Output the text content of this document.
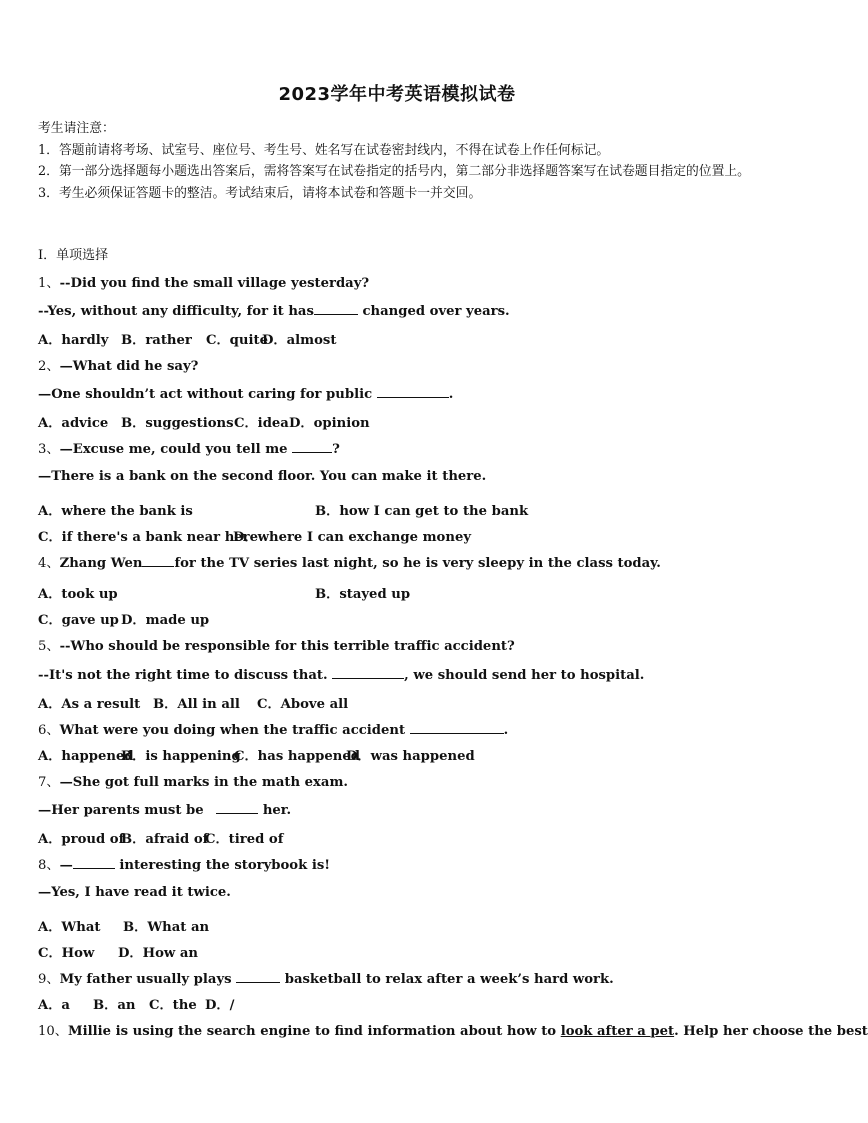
2023学年中考英语模拟试卷
考生请注意：
1．答题前请将考场、试室号、座位号、考生号、姓名写在试卷密封线内，不得在试卷上作任何标记。
2．第一部分选择题每小题选出答案后，需将答案写在试卷指定的括号内，第二部分非选择题答案写在试卷题目指定的位置上。
3．考生必须保证答题卡的整洁。考试结束后，请将本试卷和答题卡一并交回。
Ⅰ．单项选择
1、--Did you find the small village yesterday?
--Yes, without any difficulty, for it has	changed over years.
A．hardly B．rather C．quiteD．almost
2、—What did he say?
—One shouldn’t act without caring for public	.
A．advice B．suggestionsC．ideaD．opinion
3、—Excuse me, could you tell me	?
—There is a bank on the second floor. You can make it there.
A．where the bank is	B．how I can get to the bank
C．if there's a bank near hereD．where I can exchange money
4、Zhang Wen for the TV series last night, so he is very sleepy in the class today.
A．took up	B．stayed up
C．gave up D．made up
5、--Who should be responsible for this terrible traffic accident?
--It's not the right time to discuss that.	, we should send her to hospital.
A．As a result B．All in all C．Above all
6、What were you doing when the traffic accident	.
A．happenedB．is happeningC．has happenedD．was happened
7、—She got full marks in the math exam.
—Her parents must be	her.
A．proud ofB．afraid ofC．tired of
8、—	interesting the storybook is!
—Yes, I have read it twice.
A．What B．What an
C．How D．How an
9、My father usually plays	basketball to relax after a week’s hard work.
A．a B．an C．the D．/
10、Millie is using the search engine to find information about how to look after a pet. Help her choose the best
